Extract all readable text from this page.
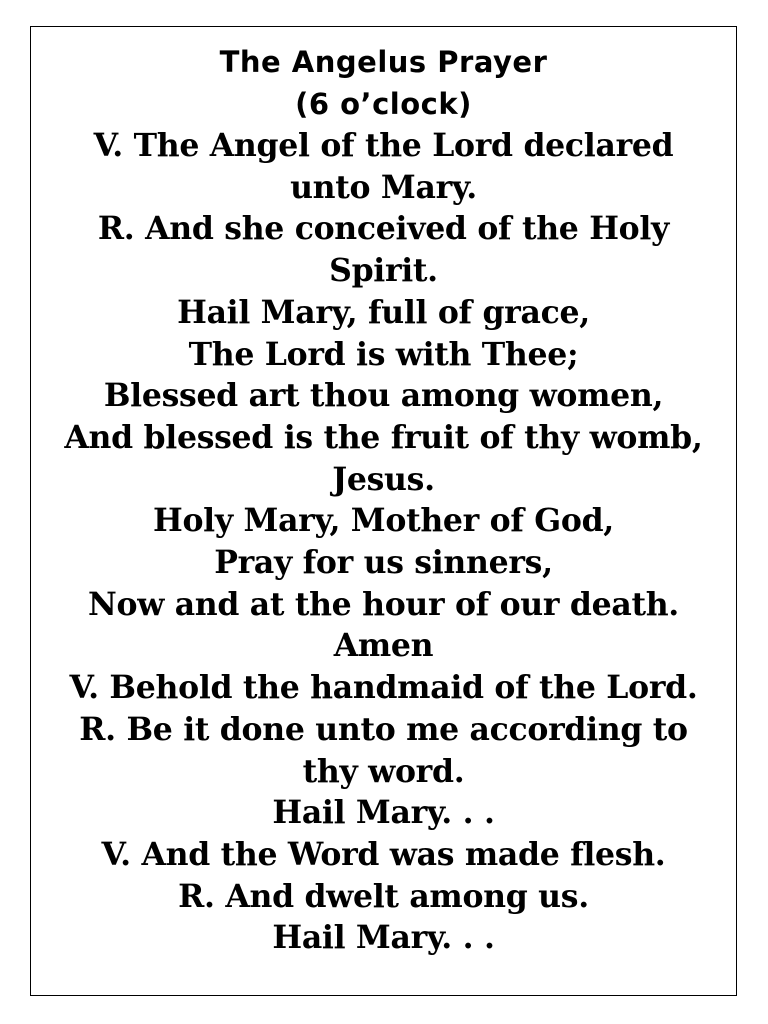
The Angelus Prayer
(6 o’clock)
V. The Angel of the Lord declared
unto Mary.
R. And she conceived of the Holy
Spirit.
Hail Mary, full of grace,
The Lord is with Thee;
Blessed art thou among women,
And blessed is the fruit of thy womb,
Jesus.
Holy Mary, Mother of God,
Pray for us sinners,
Now and at the hour of our death.
Amen
V. Behold the handmaid of the Lord.
R. Be it done unto me according to
thy word.
Hail Mary. . .
V. And the Word was made flesh.
R. And dwelt among us.
Hail Mary. . .
